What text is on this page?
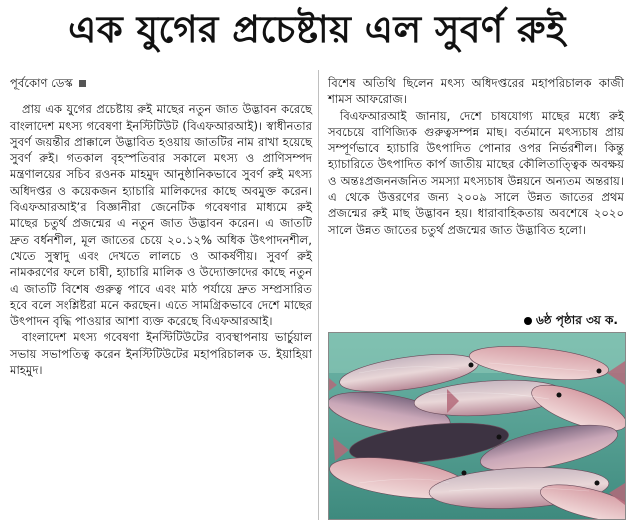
এক যুগের প্রচেষ্টায় এল সুবর্ণ রুই
পূর্বকোণ ডেস্ক

প্রায় এক যুগের প্রচেষ্টায় রুই মাছের নতুন জাত উদ্ভাবন করেছে বাংলাদেশ মৎস্য গবেষণা ইনস্টিটিউট (বিএফআরআই)। স্বাধীনতার সুবর্ণ জয়ন্তীর প্রাক্কালে উদ্ভাবিত হওয়ায় জাতটির নাম রাখা হয়েছে সুবর্ণ রুই। গতকাল বৃহস্পতিবার সকালে মৎস্য ও প্রাণিসম্পদ মন্ত্রণালয়ের সচিব রওনক মাহমুদ আনুষ্ঠানিকভাবে সুবর্ণ রুই মৎস্য অধিদপ্তর ও কয়েকজন হ্যাচারি মালিকদের কাছে অবমুক্ত করেন। বিএফআরআই’র বিজ্ঞানীরা জেনেটিক গবেষণার মাধ্যমে রুই মাছের চতুর্থ প্রজন্মের এ নতুন জাত উদ্ভাবন করেন। এ জাতটি দ্রুত বর্ধনশীল, মূল জাতের চেয়ে ২০.১২% অধিক উৎপাদনশীল, খেতে সুস্বাদু এবং দেখতে লালচে ও আকর্ষণীয়। সুবর্ণ রুই নামকরণের ফলে চাষী, হ্যাচারি মালিক ও উদ্যোক্তাদের কাছে নতুন এ জাতটি বিশেষ গুরুত্ব পাবে এবং মাঠ পর্যায়ে দ্রুত সম্প্রসারিত হবে বলে সংশ্লিষ্টরা মনে করছেন। এতে সামগ্রিকভাবে দেশে মাছের উৎপাদন বৃদ্ধি পাওয়ার আশা ব্যক্ত করেছে বিএফআরআই।

বাংলাদেশ মৎস্য গবেষণা ইনস্টিটিউটের ব্যবস্থাপনায় ভার্চুয়াল সভায় সভাপতিত্ব করেন ইনস্টিটিউটের মহাপরিচালক ড. ইয়াহিয়া মাহমুদ।

বিশেষ অতিথি ছিলেন মৎস্য অধিদপ্তরের মহাপরিচালক কাজী শামস আফরোজ।

বিএফআরআই জানায়, দেশে চাষযোগ্য মাছের মধ্যে রুই সবচেয়ে বাণিজ্যিক গুরুত্বসম্পন্ন মাছ। বর্তমানে মৎস্যচাষ প্রায় সম্পূর্ণভাবে হ্যাচারি উৎপাদিত পোনার ওপর নির্ভরশীল। কিন্তু হ্যাচারিতে উৎপাদিত কার্প জাতীয় মাছের কৌলিতাত্ত্বিক অবক্ষয় ও অন্তঃপ্রজননজনিত সমস্যা মৎস্যচাষ উন্নয়নে অন্যতম অন্তরায়। এ থেকে উত্তরণের জন্য ২০০৯ সালে উন্নত জাতের প্রথম প্রজন্মের রুই মাছ উদ্ভাবন হয়। ধারাবাহিকতায় অবশেষে ২০২০ সালে উন্নত জাতের চতুর্থ প্রজন্মের জাত উদ্ভাবিত হলো।

৬ষ্ঠ পৃষ্ঠার ৩য় ক.
